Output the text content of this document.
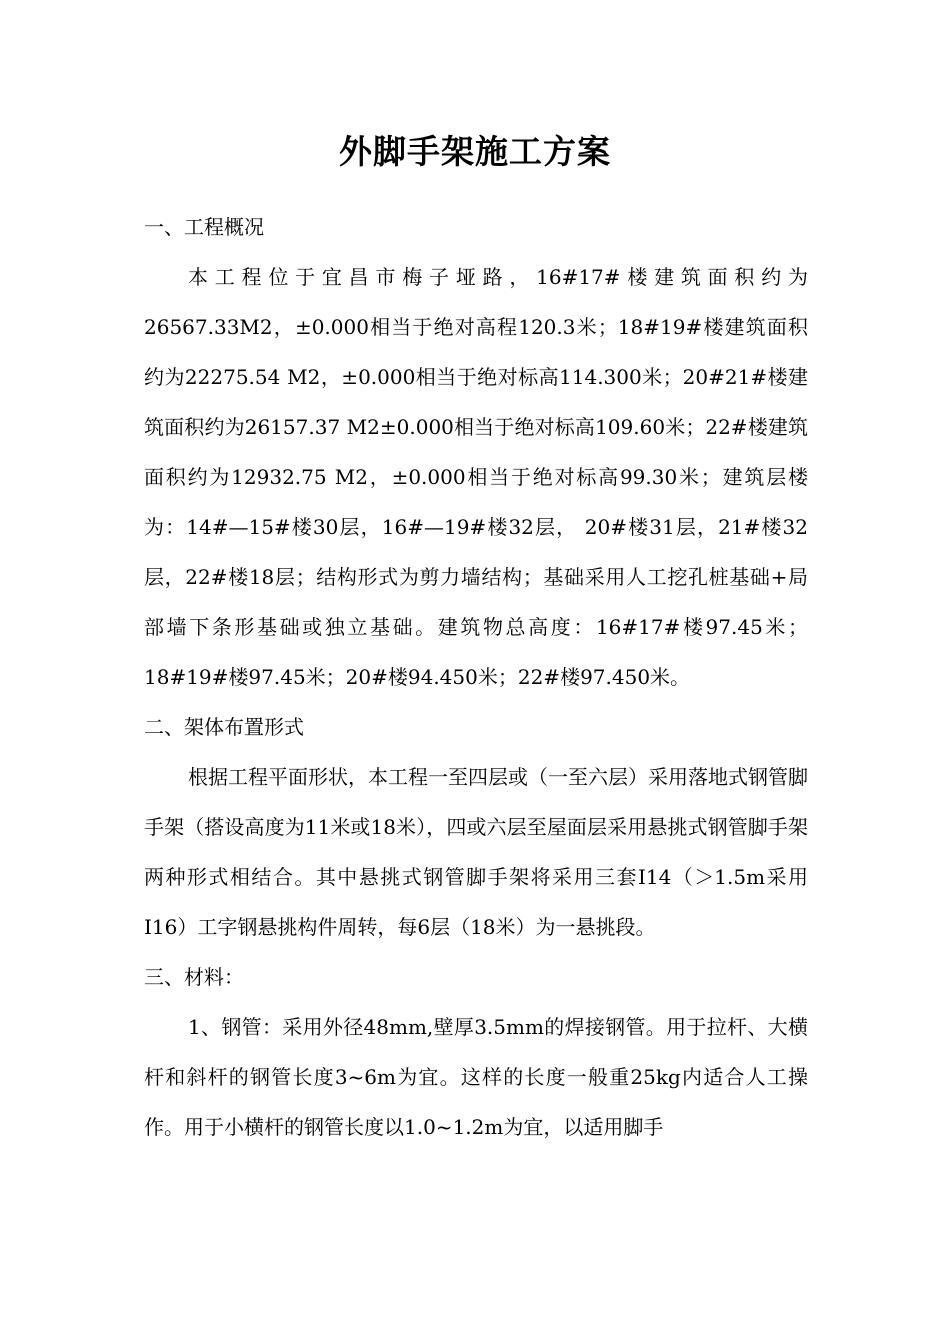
外脚手架施工方案

一、工程概况

本工程位于宜昌市梅子垭路，16#17#楼建筑面积约为26567.33M2，±0.000相当于绝对高程120.3米；18#19#楼建筑面积约为22275.54 M2，±0.000相当于绝对标高114.300米；20#21#楼建筑面积约为26157.37 M2±0.000相当于绝对标高109.60米；22#楼建筑面积约为12932.75 M2，±0.000相当于绝对标高99.30米；建筑层楼为：14#—15#楼30层，16#—19#楼32层， 20#楼31层，21#楼32层，22#楼18层；结构形式为剪力墙结构；基础采用人工挖孔桩基础+局部墙下条形基础或独立基础。建筑物总高度：16#17#楼97.45米；18#19#楼97.45米；20#楼94.450米；22#楼97.450米。

二、架体布置形式

根据工程平面形状，本工程一至四层或（一至六层）采用落地式钢管脚手架（搭设高度为11米或18米），四或六层至屋面层采用悬挑式钢管脚手架两种形式相结合。其中悬挑式钢管脚手架将采用三套I14（＞1.5m采用I16）工字钢悬挑构件周转，每6层（18米）为一悬挑段。

三、材料：

1、钢管：采用外径48mm,壁厚3.5mm的焊接钢管。用于拉杆、大横杆和斜杆的钢管长度3~6m为宜。这样的长度一般重25kg内适合人工操作。用于小横杆的钢管长度以1.0~1.2m为宜，以适用脚手
